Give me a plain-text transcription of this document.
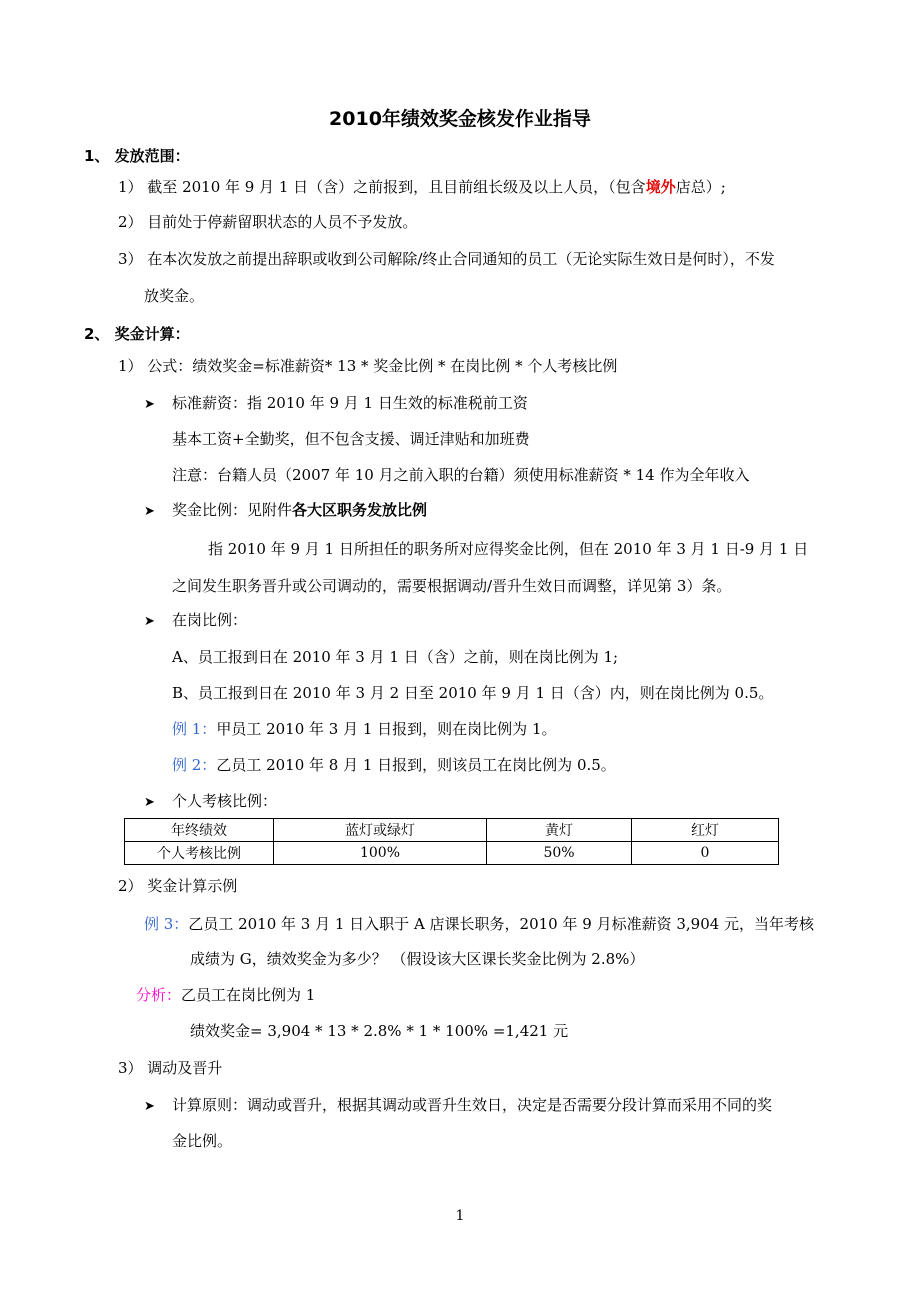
2010年绩效奖金核发作业指导
1、 发放范围：
1） 截至 2010 年 9 月 1 日（含）之前报到，且目前组长级及以上人员，（包含境外店总）;
2） 目前处于停薪留职状态的人员不予发放。
3） 在本次发放之前提出辞职或收到公司解除/终止合同通知的员工（无论实际生效日是何时），不发
放奖金。
2、 奖金计算：
1） 公式：绩效奖金=标准薪资* 13 * 奖金比例 * 在岗比例 * 个人考核比例
➤ 标准薪资：指 2010 年 9 月 1 日生效的标准税前工资
基本工资+全勤奖，但不包含支援、调迁津贴和加班费
注意：台籍人员（2007 年 10 月之前入职的台籍）须使用标准薪资 * 14 作为全年收入
➤ 奖金比例：见附件各大区职务发放比例
指 2010 年 9 月 1 日所担任的职务所对应得奖金比例，但在 2010 年 3 月 1 日-9 月 1 日
之间发生职务晋升或公司调动的，需要根据调动/晋升生效日而调整，详见第 3）条。
➤ 在岗比例：
A、员工报到日在 2010 年 3 月 1 日（含）之前，则在岗比例为 1;
B、员工报到日在 2010 年 3 月 2 日至 2010 年 9 月 1 日（含）内，则在岗比例为 0.5。
例 1：甲员工 2010 年 3 月 1 日报到，则在岗比例为 1。
例 2：乙员工 2010 年 8 月 1 日报到，则该员工在岗比例为 0.5。
➤ 个人考核比例：
年终绩效	蓝灯或绿灯	黄灯	红灯
个人考核比例	100%	50%	0
2） 奖金计算示例
例 3：乙员工 2010 年 3 月 1 日入职于 A 店课长职务，2010 年 9 月标准薪资 3,904 元，当年考核
成绩为 G，绩效奖金为多少？ （假设该大区课长奖金比例为 2.8%）
分析：乙员工在岗比例为 1
绩效奖金= 3,904 * 13 * 2.8% * 1 * 100% =1,421 元
3） 调动及晋升
➤ 计算原则：调动或晋升，根据其调动或晋升生效日，决定是否需要分段计算而采用不同的奖
金比例。
1
